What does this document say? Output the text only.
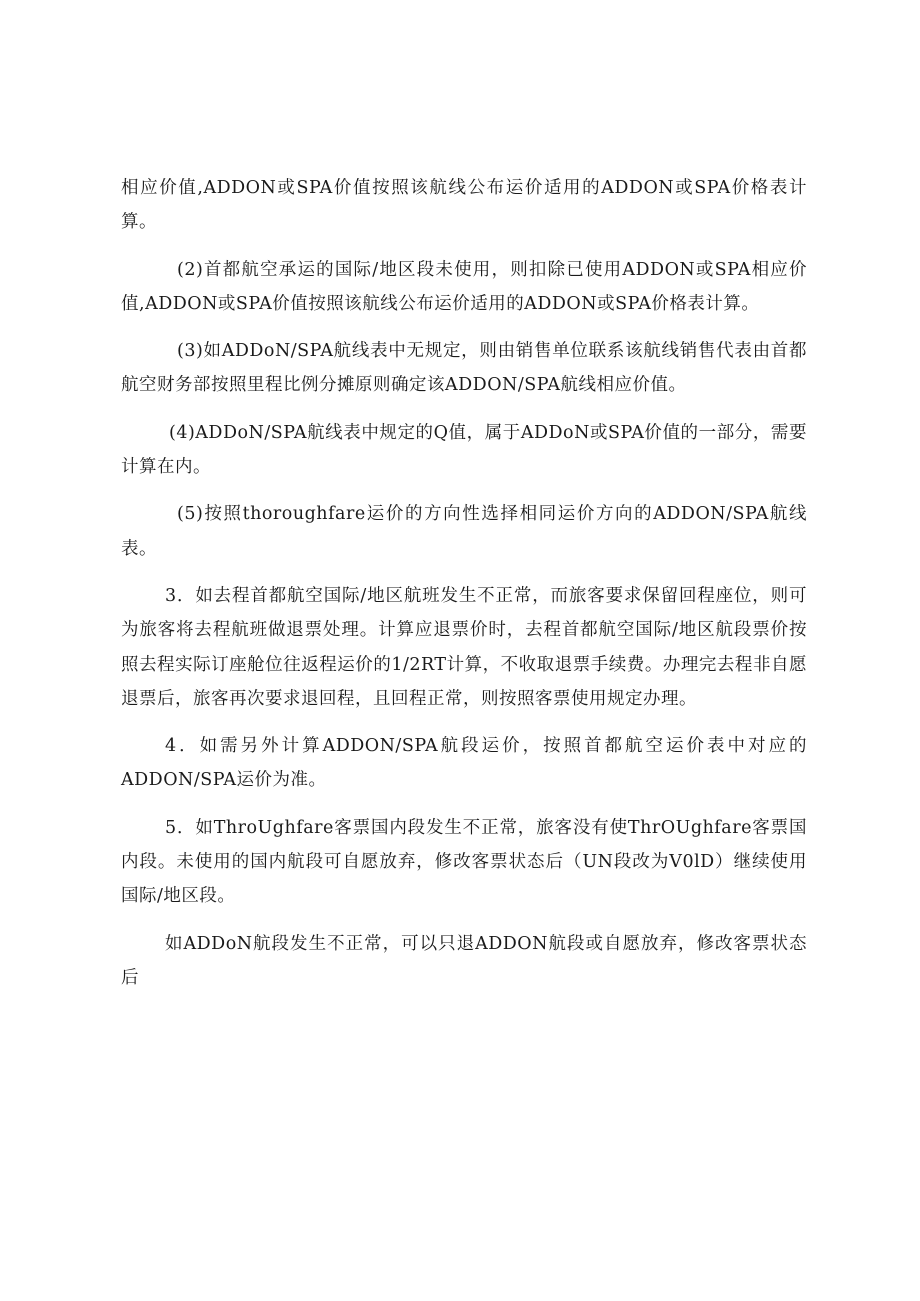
相应价值,ADDON或SPA价值按照该航线公布运价适用的ADDON或SPA价格表计算。

(2)首都航空承运的国际/地区段未使用，则扣除已使用ADDON或SPA相应价值,ADDON或SPA价值按照该航线公布运价适用的ADDON或SPA价格表计算。

(3)如ADDoN/SPA航线表中无规定，则由销售单位联系该航线销售代表由首都航空财务部按照里程比例分摊原则确定该ADDON/SPA航线相应价值。

(4)ADDoN/SPA航线表中规定的Q值，属于ADDoN或SPA价值的一部分，需要计算在内。

(5)按照thoroughfare运价的方向性选择相同运价方向的ADDON/SPA航线表。

3．如去程首都航空国际/地区航班发生不正常，而旅客要求保留回程座位，则可为旅客将去程航班做退票处理。计算应退票价时，去程首都航空国际/地区航段票价按照去程实际订座舱位往返程运价的1/2RT计算，不收取退票手续费。办理完去程非自愿退票后，旅客再次要求退回程，且回程正常，则按照客票使用规定办理。

4．如需另外计算ADDON/SPA航段运价，按照首都航空运价表中对应的ADDON/SPA运价为准。

5．如ThroUghfare客票国内段发生不正常，旅客没有使ThrOUghfare客票国内段。未使用的国内航段可自愿放弃，修改客票状态后（UN段改为V0lD）继续使用国际/地区段。

如ADDoN航段发生不正常，可以只退ADDON航段或自愿放弃，修改客票状态后
